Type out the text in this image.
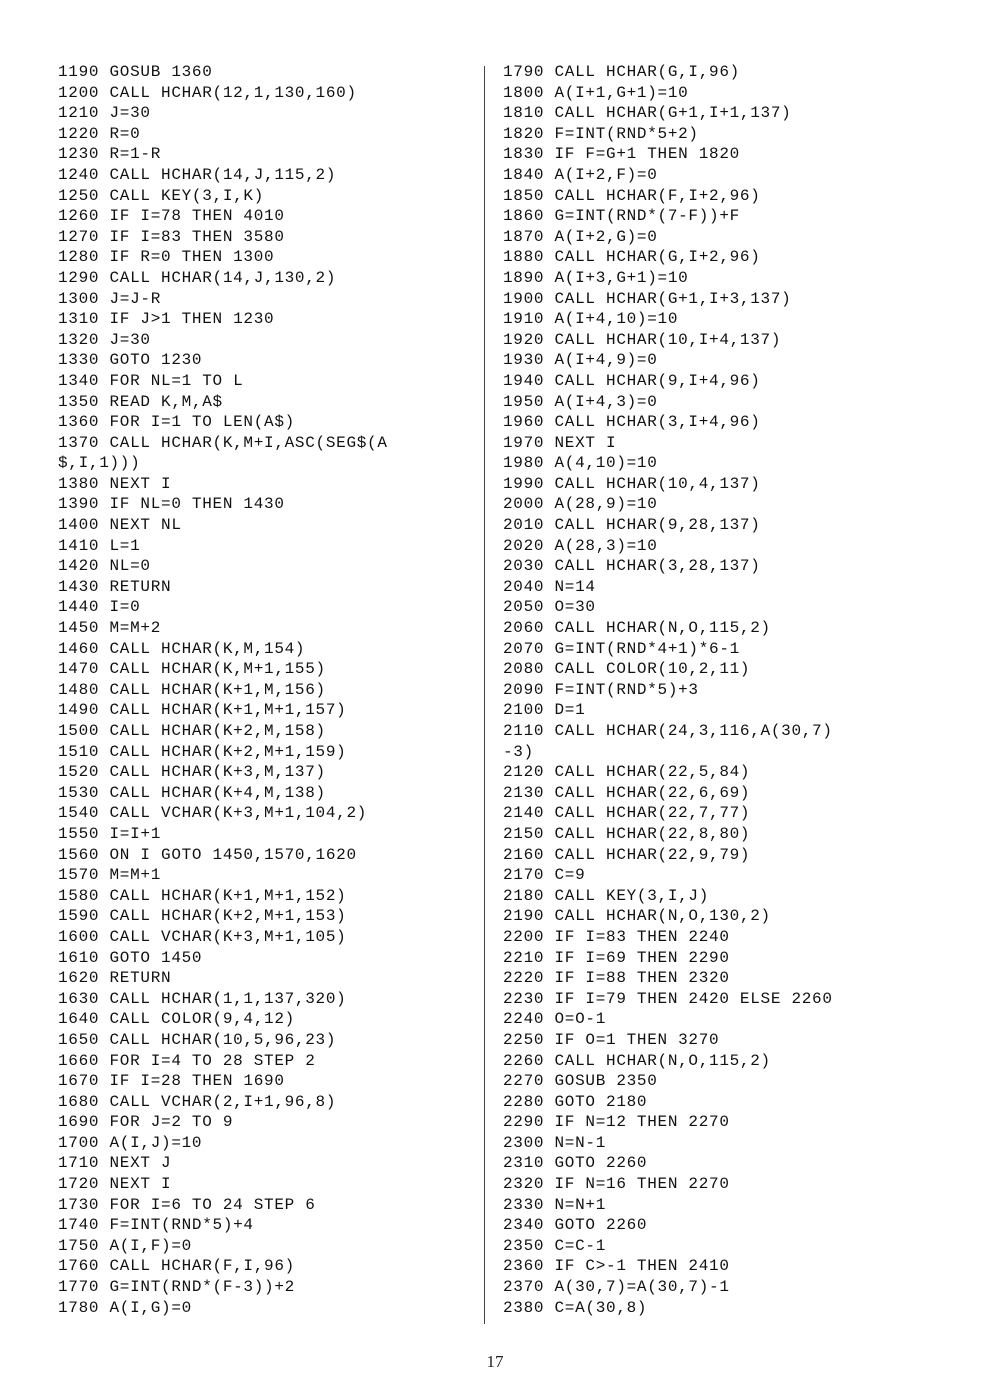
1190 GOSUB 1360
1200 CALL HCHAR(12,1,130,160)
1210 J=30
1220 R=0
1230 R=1-R
1240 CALL HCHAR(14,J,115,2)
1250 CALL KEY(3,I,K)
1260 IF I=78 THEN 4010
1270 IF I=83 THEN 3580
1280 IF R=0 THEN 1300
1290 CALL HCHAR(14,J,130,2)
1300 J=J-R
1310 IF J>1 THEN 1230
1320 J=30
1330 GOTO 1230
1340 FOR NL=1 TO L
1350 READ K,M,A$
1360 FOR I=1 TO LEN(A$)
1370 CALL HCHAR(K,M+I,ASC(SEG$(A
$,I,1)))
1380 NEXT I
1390 IF NL=0 THEN 1430
1400 NEXT NL
1410 L=1
1420 NL=0
1430 RETURN
1440 I=0
1450 M=M+2
1460 CALL HCHAR(K,M,154)
1470 CALL HCHAR(K,M+1,155)
1480 CALL HCHAR(K+1,M,156)
1490 CALL HCHAR(K+1,M+1,157)
1500 CALL HCHAR(K+2,M,158)
1510 CALL HCHAR(K+2,M+1,159)
1520 CALL HCHAR(K+3,M,137)
1530 CALL HCHAR(K+4,M,138)
1540 CALL VCHAR(K+3,M+1,104,2)
1550 I=I+1
1560 ON I GOTO 1450,1570,1620
1570 M=M+1
1580 CALL HCHAR(K+1,M+1,152)
1590 CALL HCHAR(K+2,M+1,153)
1600 CALL VCHAR(K+3,M+1,105)
1610 GOTO 1450
1620 RETURN
1630 CALL HCHAR(1,1,137,320)
1640 CALL COLOR(9,4,12)
1650 CALL HCHAR(10,5,96,23)
1660 FOR I=4 TO 28 STEP 2
1670 IF I=28 THEN 1690
1680 CALL VCHAR(2,I+1,96,8)
1690 FOR J=2 TO 9
1700 A(I,J)=10
1710 NEXT J
1720 NEXT I
1730 FOR I=6 TO 24 STEP 6
1740 F=INT(RND*5)+4
1750 A(I,F)=0
1760 CALL HCHAR(F,I,96)
1770 G=INT(RND*(F-3))+2
1780 A(I,G)=0
1790 CALL HCHAR(G,I,96)
1800 A(I+1,G+1)=10
1810 CALL HCHAR(G+1,I+1,137)
1820 F=INT(RND*5+2)
1830 IF F=G+1 THEN 1820
1840 A(I+2,F)=0
1850 CALL HCHAR(F,I+2,96)
1860 G=INT(RND*(7-F))+F
1870 A(I+2,G)=0
1880 CALL HCHAR(G,I+2,96)
1890 A(I+3,G+1)=10
1900 CALL HCHAR(G+1,I+3,137)
1910 A(I+4,10)=10
1920 CALL HCHAR(10,I+4,137)
1930 A(I+4,9)=0
1940 CALL HCHAR(9,I+4,96)
1950 A(I+4,3)=0
1960 CALL HCHAR(3,I+4,96)
1970 NEXT I
1980 A(4,10)=10
1990 CALL HCHAR(10,4,137)
2000 A(28,9)=10
2010 CALL HCHAR(9,28,137)
2020 A(28,3)=10
2030 CALL HCHAR(3,28,137)
2040 N=14
2050 O=30
2060 CALL HCHAR(N,O,115,2)
2070 G=INT(RND*4+1)*6-1
2080 CALL COLOR(10,2,11)
2090 F=INT(RND*5)+3
2100 D=1
2110 CALL HCHAR(24,3,116,A(30,7)
-3)
2120 CALL HCHAR(22,5,84)
2130 CALL HCHAR(22,6,69)
2140 CALL HCHAR(22,7,77)
2150 CALL HCHAR(22,8,80)
2160 CALL HCHAR(22,9,79)
2170 C=9
2180 CALL KEY(3,I,J)
2190 CALL HCHAR(N,O,130,2)
2200 IF I=83 THEN 2240
2210 IF I=69 THEN 2290
2220 IF I=88 THEN 2320
2230 IF I=79 THEN 2420 ELSE 2260
2240 O=O-1
2250 IF O=1 THEN 3270
2260 CALL HCHAR(N,O,115,2)
2270 GOSUB 2350
2280 GOTO 2180
2290 IF N=12 THEN 2270
2300 N=N-1
2310 GOTO 2260
2320 IF N=16 THEN 2270
2330 N=N+1
2340 GOTO 2260
2350 C=C-1
2360 IF C>-1 THEN 2410
2370 A(30,7)=A(30,7)-1
2380 C=A(30,8)
17
